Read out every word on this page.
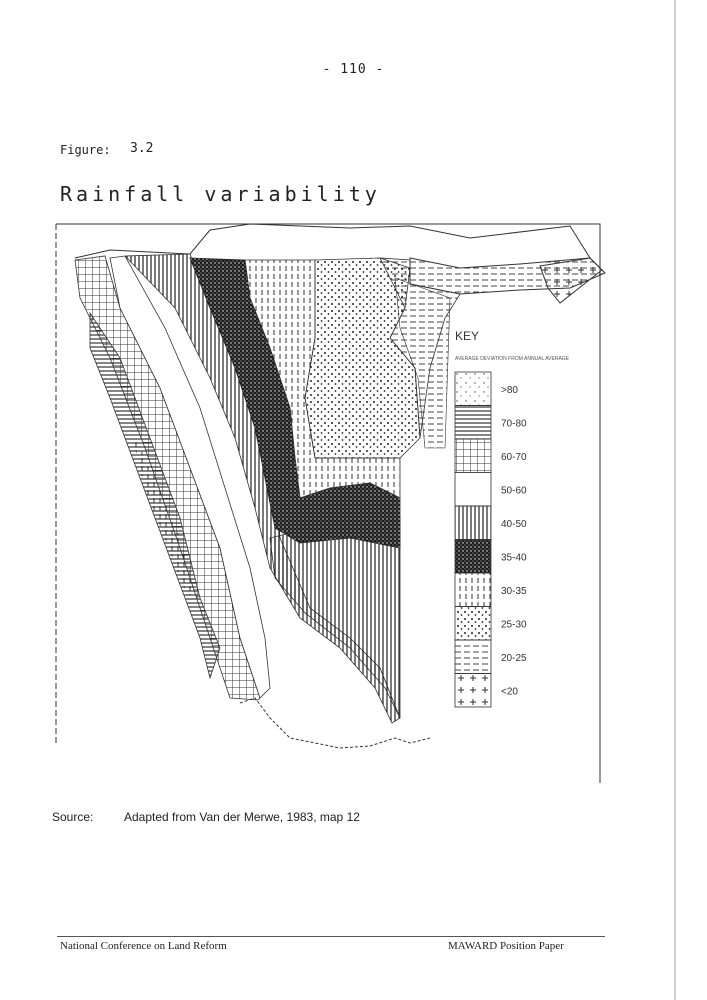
- 110 -
Figure: 3.2
Rainfall variability
KEY
AVERAGE DEVIATION FROM ANNUAL AVERAGE
>80
70-80
60-70
50-60
40-50
35-40
30-35
25-30
20-25
<20
Source:	Adapted from Van der Merwe, 1983, map 12
National Conference on Land Reform	MAWARD Position Paper
